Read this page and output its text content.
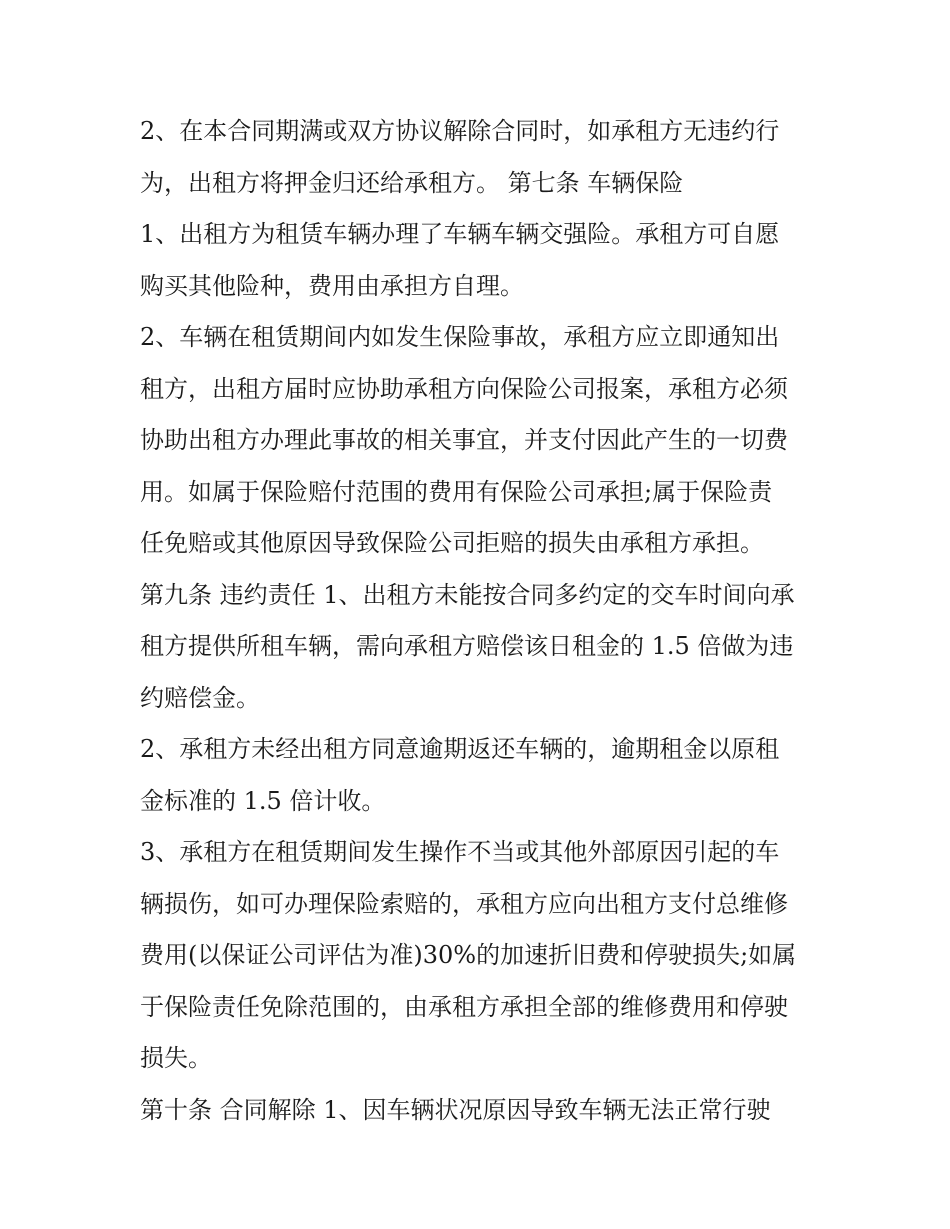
2、在本合同期满或双方协议解除合同时，如承租方无违约行
为，出租方将押金归还给承租方。 第七条 车辆保险

1、出租方为租赁车辆办理了车辆车辆交强险。承租方可自愿
购买其他险种，费用由承担方自理。

2、车辆在租赁期间内如发生保险事故，承租方应立即通知出
租方，出租方届时应协助承租方向保险公司报案，承租方必须
协助出租方办理此事故的相关事宜，并支付因此产生的一切费
用。如属于保险赔付范围的费用有保险公司承担;属于保险责
任免赔或其他原因导致保险公司拒赔的损失由承租方承担。

第九条 违约责任 1、出租方未能按合同多约定的交车时间向承
租方提供所租车辆，需向承租方赔偿该日租金的 1.5 倍做为违
约赔偿金。

2、承租方未经出租方同意逾期返还车辆的，逾期租金以原租
金标准的 1.5 倍计收。

3、承租方在租赁期间发生操作不当或其他外部原因引起的车
辆损伤，如可办理保险索赔的，承租方应向出租方支付总维修
费用(以保证公司评估为准)30%的加速折旧费和停驶损失;如属
于保险责任免除范围的，由承租方承担全部的维修费用和停驶
损失。

第十条 合同解除 1、因车辆状况原因导致车辆无法正常行驶
